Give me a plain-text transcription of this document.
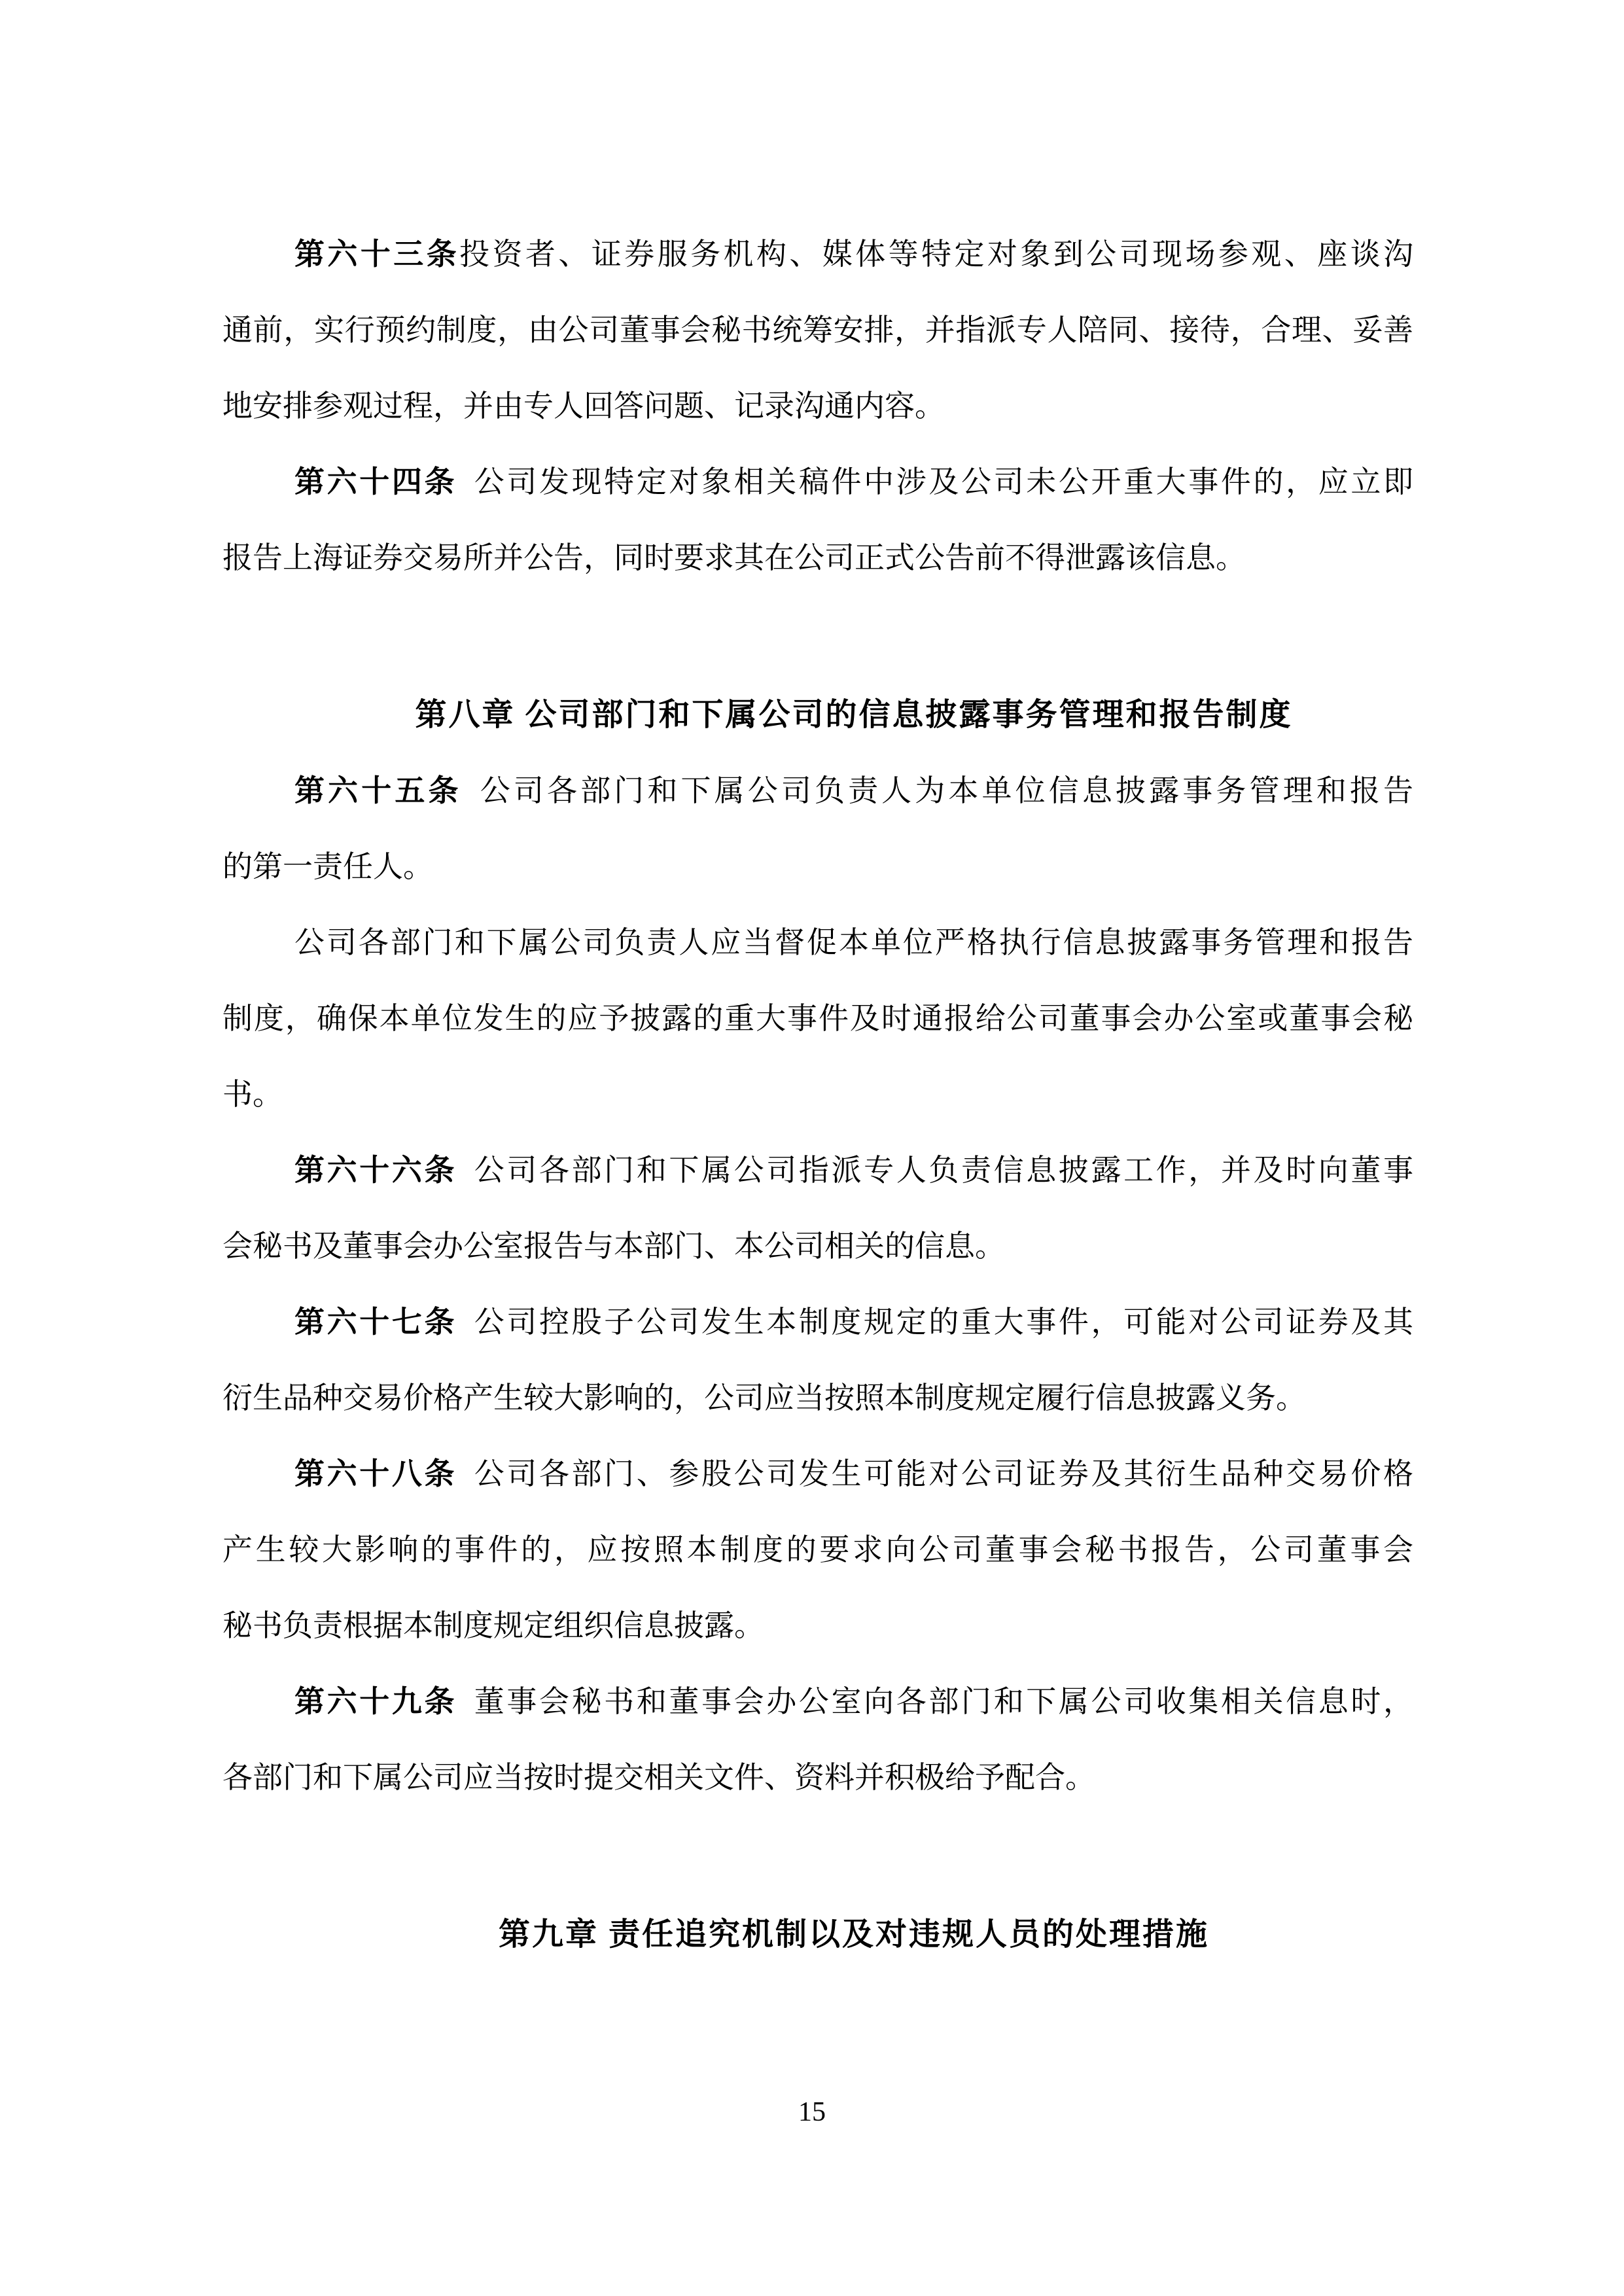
第六十三条投资者、证券服务机构、媒体等特定对象到公司现场参观、座谈沟
通前，实行预约制度，由公司董事会秘书统筹安排，并指派专人陪同、接待，合理、妥善
地安排参观过程，并由专人回答问题、记录沟通内容。
第六十四条 公司发现特定对象相关稿件中涉及公司未公开重大事件的，应立即
报告上海证券交易所并公告，同时要求其在公司正式公告前不得泄露该信息。
第八章 公司部门和下属公司的信息披露事务管理和报告制度
第六十五条 公司各部门和下属公司负责人为本单位信息披露事务管理和报告
的第一责任人。
公司各部门和下属公司负责人应当督促本单位严格执行信息披露事务管理和报告
制度，确保本单位发生的应予披露的重大事件及时通报给公司董事会办公室或董事会秘
书。
第六十六条 公司各部门和下属公司指派专人负责信息披露工作，并及时向董事
会秘书及董事会办公室报告与本部门、本公司相关的信息。
第六十七条 公司控股子公司发生本制度规定的重大事件，可能对公司证券及其
衍生品种交易价格产生较大影响的，公司应当按照本制度规定履行信息披露义务。
第六十八条 公司各部门、参股公司发生可能对公司证券及其衍生品种交易价格
产生较大影响的事件的，应按照本制度的要求向公司董事会秘书报告，公司董事会
秘书负责根据本制度规定组织信息披露。
第六十九条 董事会秘书和董事会办公室向各部门和下属公司收集相关信息时，
各部门和下属公司应当按时提交相关文件、资料并积极给予配合。
第九章 责任追究机制以及对违规人员的处理措施
15
